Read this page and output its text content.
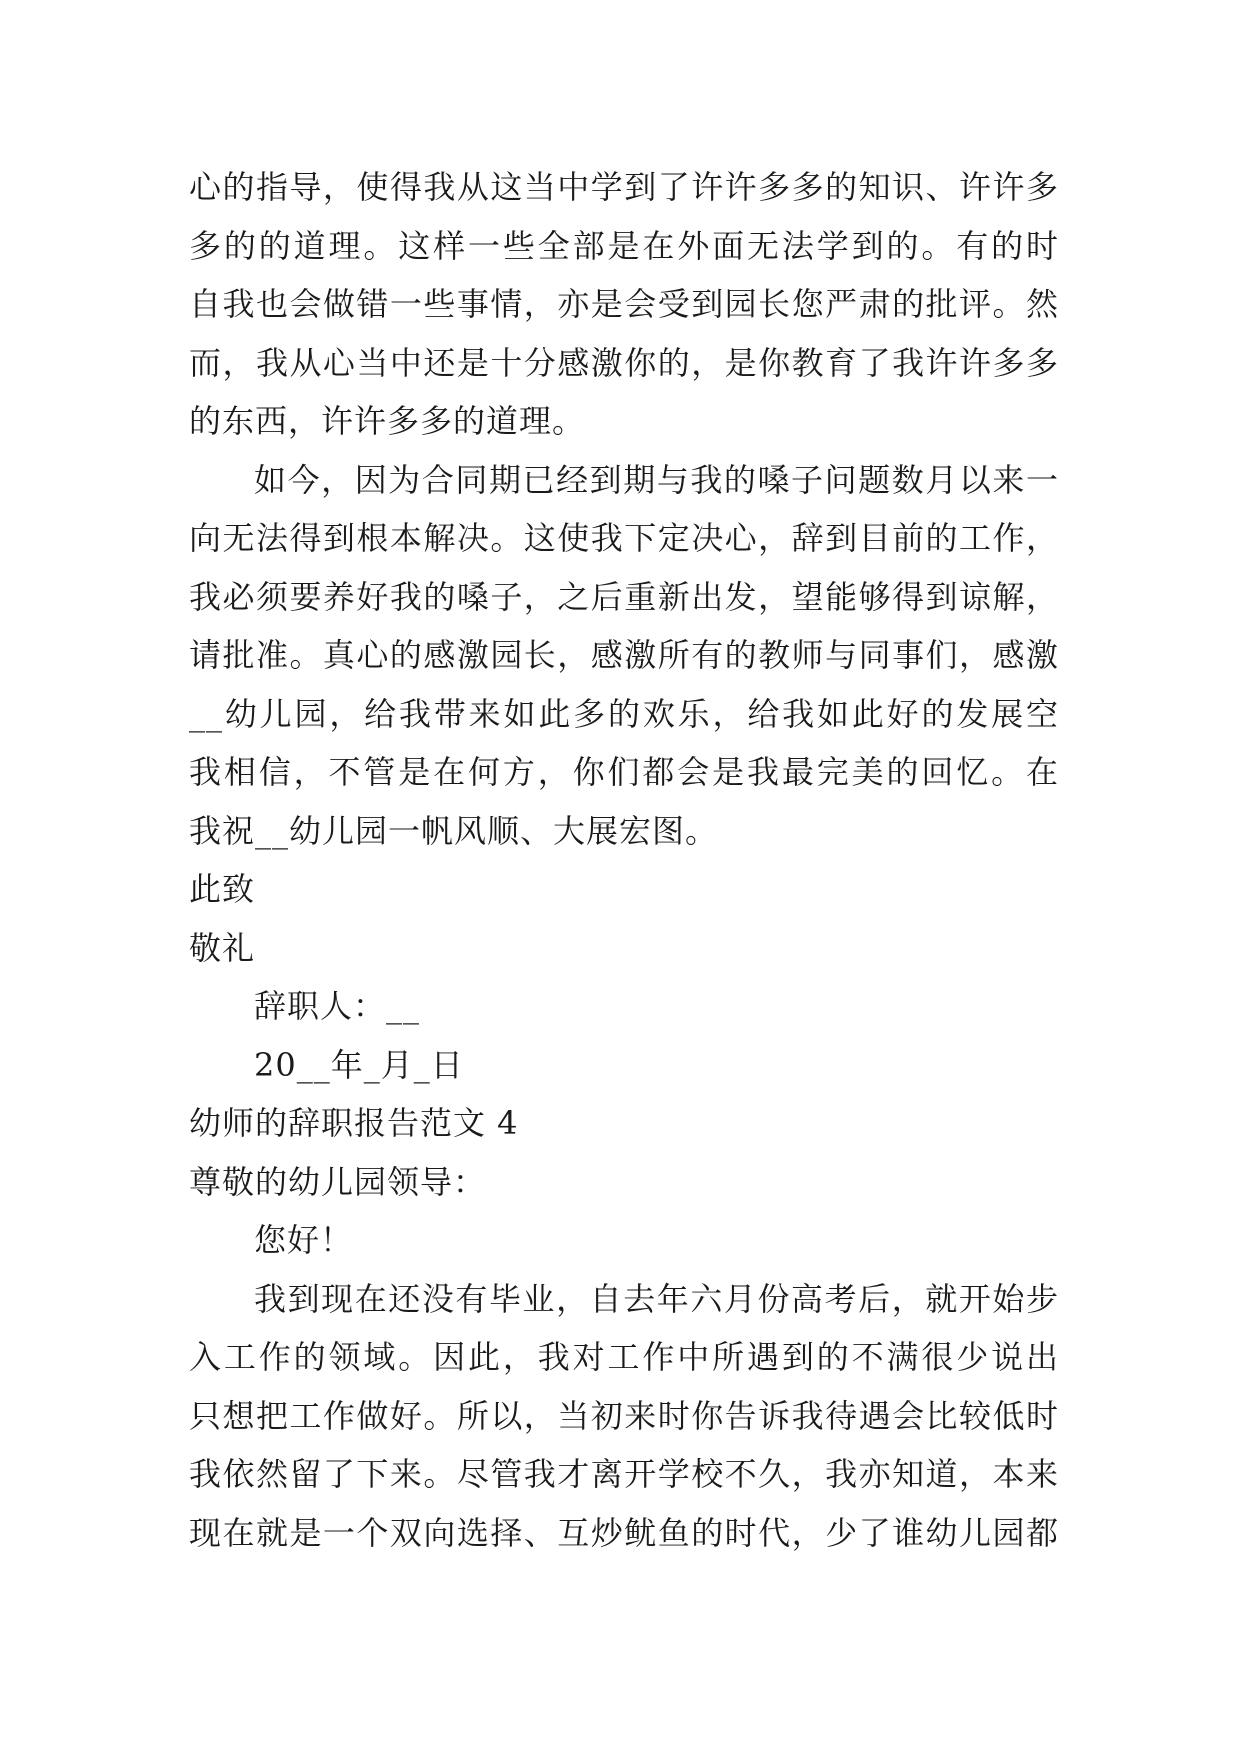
心的指导，使得我从这当中学到了许许多多的知识、许许多
多的的道理。这样一些全部是在外面无法学到的。有的时
自我也会做错一些事情，亦是会受到园长您严肃的批评。然
而，我从心当中还是十分感激你的，是你教育了我许许多多
的东西，许许多多的道理。
如今，因为合同期已经到期与我的嗓子问题数月以来一
向无法得到根本解决。这使我下定决心，辞到目前的工作，
我必须要养好我的嗓子，之后重新出发，望能够得到谅解，
请批准。真心的感激园长，感激所有的教师与同事们，感激
__幼儿园，给我带来如此多的欢乐，给我如此好的发展空
我相信，不管是在何方，你们都会是我最完美的回忆。在
我祝__幼儿园一帆风顺、大展宏图。
此致
敬礼
辞职人：__
20__年_月_日
幼师的辞职报告范文 4
尊敬的幼儿园领导：
您好！
我到现在还没有毕业，自去年六月份高考后，就开始步
入工作的领域。因此，我对工作中所遇到的不满很少说出
只想把工作做好。所以，当初来时你告诉我待遇会比较低时
我依然留了下来。尽管我才离开学校不久，我亦知道，本来
现在就是一个双向选择、互炒鱿鱼的时代，少了谁幼儿园都
